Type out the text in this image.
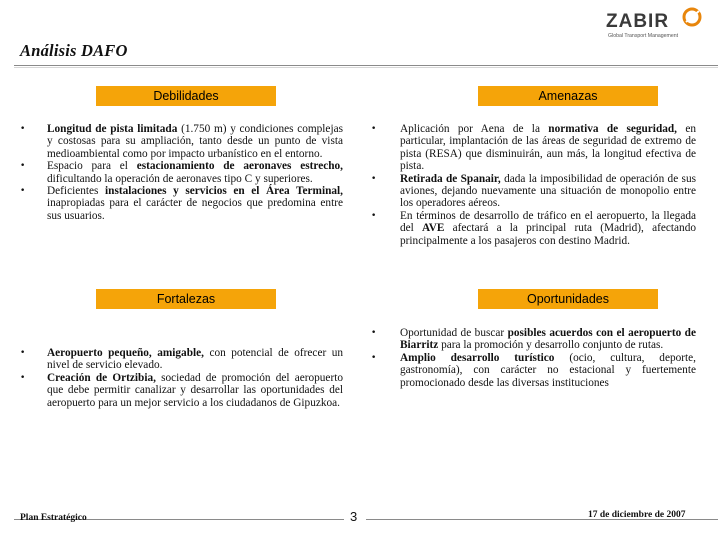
ZABIR
Global Transport Management
Análisis DAFO
Debilidades	Amenazas
Fortalezas	Oportunidades
• Longitud de pista limitada (1.750 m) y condiciones complejas y costosas para su ampliación, tanto desde un punto de vista medioambiental como por impacto urbanístico en el entorno.
• Espacio para el estacionamiento de aeronaves estrecho, dificultando la operación de aeronaves tipo C y superiores.
• Deficientes instalaciones y servicios en el Área Terminal, inapropiadas para el carácter de negocios que predomina entre sus usuarios.
• Aplicación por Aena de la normativa de seguridad, en particular, implantación de las áreas de seguridad de extremo de pista (RESA) que disminuirán, aun más, la longitud efectiva de pista.
• Retirada de Spanair, dada la imposibilidad de operación de sus aviones, dejando nuevamente una situación de monopolio entre los operadores aéreos.
• En términos de desarrollo de tráfico en el aeropuerto, la llegada del AVE afectará a la principal ruta (Madrid), afectando principalmente a los pasajeros con destino Madrid.
• Aeropuerto pequeño, amigable, con potencial de ofrecer un nivel de servicio elevado.
• Creación de Ortzibia, sociedad de promoción del aeropuerto que debe permitir canalizar y desarrollar las oportunidades del aeropuerto para un mejor servicio a los ciudadanos de Gipuzkoa.
• Oportunidad de buscar posibles acuerdos con el aeropuerto de Biarritz para la promoción y desarrollo conjunto de rutas.
• Amplio desarrollo turístico (ocio, cultura, deporte, gastronomía), con carácter no estacional y fuertemente promocionado desde las diversas instituciones
Plan Estratégico	3	17 de diciembre de 2007
